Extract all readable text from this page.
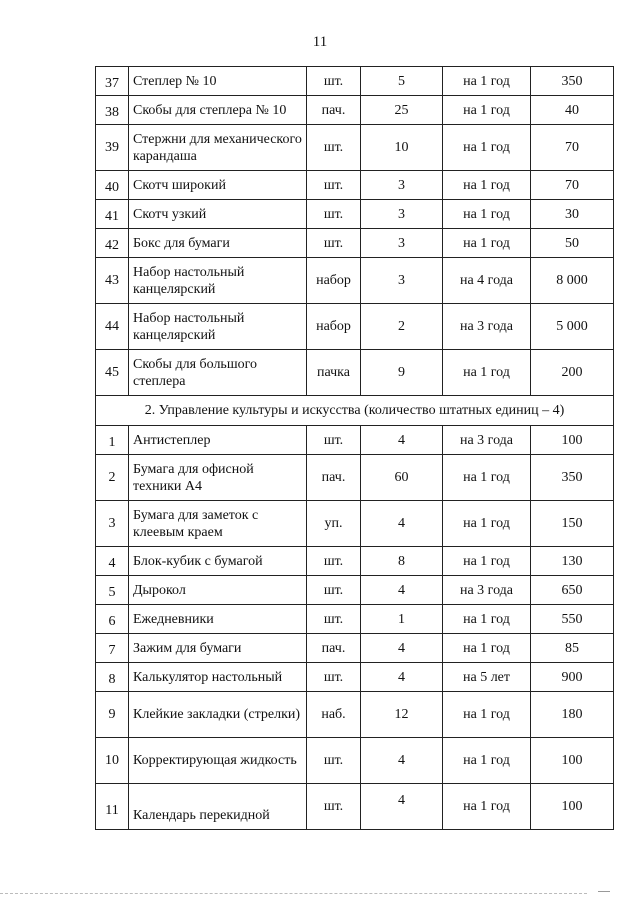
11
37	Степлер № 10	шт.	5	на 1 год	350
38	Скобы для степлера № 10	пач.	25	на 1 год	40
39	Стержни для механического карандаша	шт.	10	на 1 год	70
40	Скотч широкий	шт.	3	на 1 год	70
41	Скотч узкий	шт.	3	на 1 год	30
42	Бокс для бумаги	шт.	3	на 1 год	50
43	Набор настольный канцелярский	набор	3	на 4 года	8 000
44	Набор настольный канцелярский	набор	2	на 3 года	5 000
45	Скобы для большого степлера	пачка	9	на 1 год	200
2. Управление культуры и искусства (количество штатных единиц – 4)					
1	Антистеплер	шт.	4	на 3 года	100
2	Бумага для офисной техники А4	пач.	60	на 1 год	350
3	Бумага для заметок с клеевым краем	уп.	4	на 1 год	150
4	Блок-кубик с бумагой	шт.	8	на 1 год	130
5	Дырокол	шт.	4	на 3 года	650
6	Ежедневники	шт.	1	на 1 год	550
7	Зажим для бумаги	пач.	4	на 1 год	85
8	Калькулятор настольный	шт.	4	на 5 лет	900
9	Клейкие закладки (стрелки)	наб.	12	на 1 год	180
10	Корректирующая жидкость	шт.	4	на 1 год	100
11	Календарь перекидной	шт.	4	на 1 год	100
